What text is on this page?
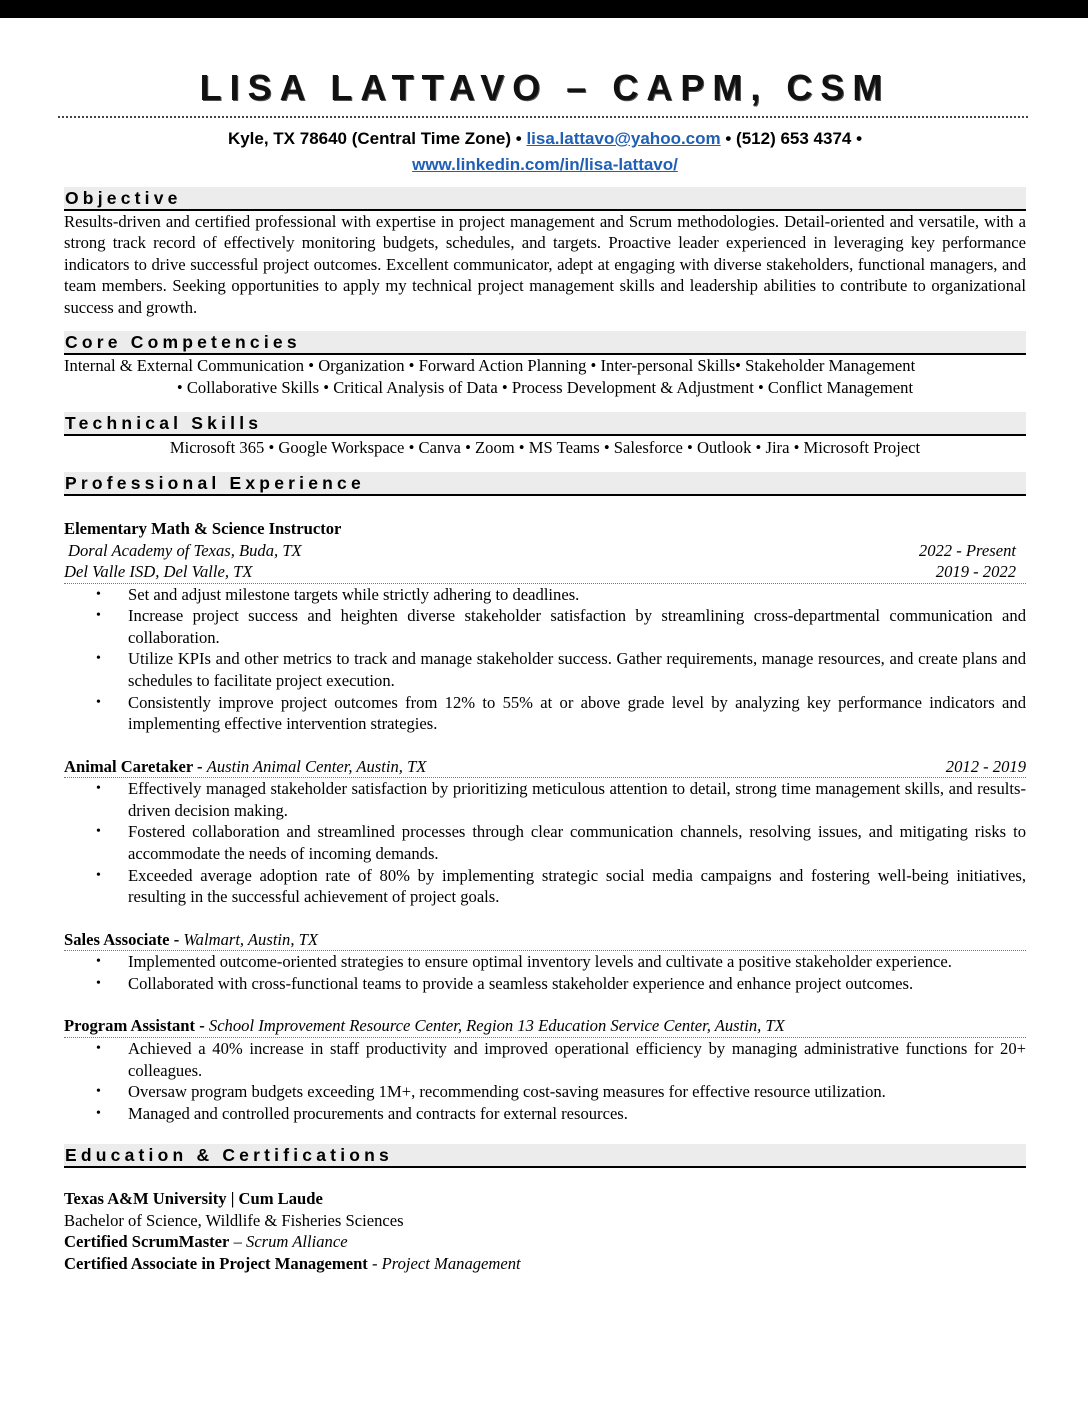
LISA LATTAVO – CAPM, CSM
Kyle, TX 78640 (Central Time Zone) • lisa.lattavo@yahoo.com • (512) 653 4374 •
www.linkedin.com/in/lisa-lattavo/
Objective

Results-driven and certified professional with expertise in project management and Scrum methodologies. Detail-oriented and versatile, with a strong track record of effectively monitoring budgets, schedules, and targets. Proactive leader experienced in leveraging key performance indicators to drive successful project outcomes. Excellent communicator, adept at engaging with diverse stakeholders, functional managers, and team members. Seeking opportunities to apply my technical project management skills and leadership abilities to contribute to organizational success and growth.

Core Competencies

Internal & External Communication • Organization • Forward Action Planning • Inter-personal Skills• Stakeholder Management

• Collaborative Skills • Critical Analysis of Data • Process Development & Adjustment • Conflict Management

Technical Skills

Microsoft 365 • Google Workspace • Canva • Zoom • MS Teams • Salesforce • Outlook • Jira • Microsoft Project

Professional Experience
Elementary Math & Science Instructor
Doral Academy of Texas, Buda, TX	2022 - Present
Del Valle ISD, Del Valle, TX	2019 - 2022
• Set and adjust milestone targets while strictly adhering to deadlines.
• Increase project success and heighten diverse stakeholder satisfaction by streamlining cross-departmental communication and collaboration.
• Utilize KPIs and other metrics to track and manage stakeholder success. Gather requirements, manage resources, and create plans and schedules to facilitate project execution.
• Consistently improve project outcomes from 12% to 55% at or above grade level by analyzing key performance indicators and implementing effective intervention strategies.
Animal Caretaker - Austin Animal Center, Austin, TX	2012 - 2019
• Effectively managed stakeholder satisfaction by prioritizing meticulous attention to detail, strong time management skills, and results-driven decision making.
• Fostered collaboration and streamlined processes through clear communication channels, resolving issues, and mitigating risks to accommodate the needs of incoming demands.
• Exceeded average adoption rate of 80% by implementing strategic social media campaigns and fostering well-being initiatives, resulting in the successful achievement of project goals.
Sales Associate - Walmart, Austin, TX
• Implemented outcome-oriented strategies to ensure optimal inventory levels and cultivate a positive stakeholder experience.
• Collaborated with cross-functional teams to provide a seamless stakeholder experience and enhance project outcomes.
Program Assistant - School Improvement Resource Center, Region 13 Education Service Center, Austin, TX
• Achieved a 40% increase in staff productivity and improved operational efficiency by managing administrative functions for 20+ colleagues.
• Oversaw program budgets exceeding 1M+, recommending cost-saving measures for effective resource utilization.
• Managed and controlled procurements and contracts for external resources.
Education & Certifications
Texas A&M University | Cum Laude
Bachelor of Science, Wildlife & Fisheries Sciences
Certified ScrumMaster – Scrum Alliance
Certified Associate in Project Management - Project Management
